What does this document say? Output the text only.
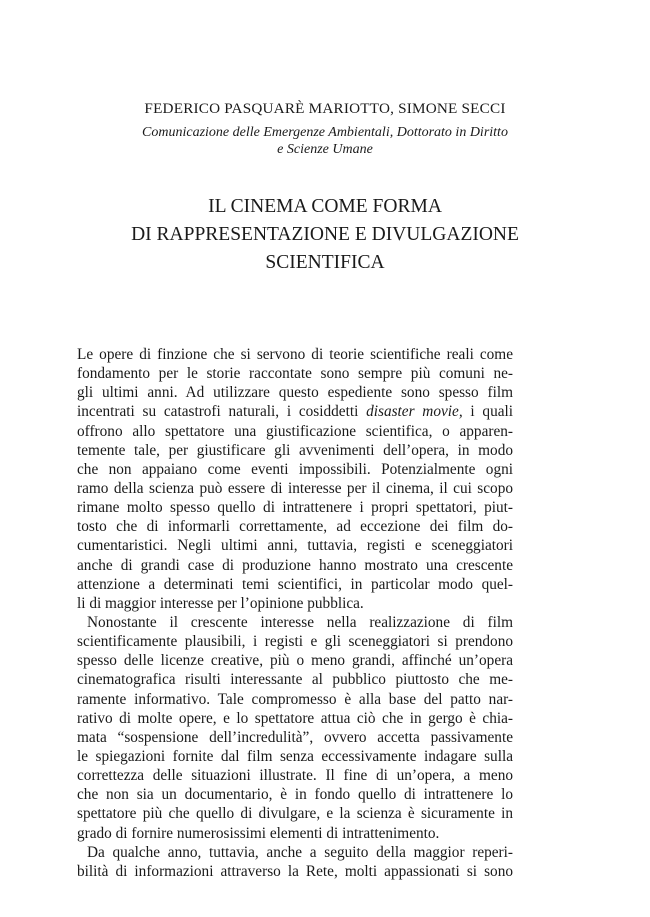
FEDERICO PASQUARÈ MARIOTTO, SIMONE SECCI
Comunicazione delle Emergenze Ambientali, Dottorato in Diritto
e Scienze Umane
IL CINEMA COME FORMA
DI RAPPRESENTAZIONE E DIVULGAZIONE
SCIENTIFICA
Le opere di finzione che si servono di teorie scientifiche reali come
fondamento per le storie raccontate sono sempre più comuni ne-
gli ultimi anni. Ad utilizzare questo espediente sono spesso film
incentrati su catastrofi naturali, i cosiddetti disaster movie, i quali
offrono allo spettatore una giustificazione scientifica, o apparen-
temente tale, per giustificare gli avvenimenti dell’opera, in modo
che non appaiano come eventi impossibili. Potenzialmente ogni
ramo della scienza può essere di interesse per il cinema, il cui scopo
rimane molto spesso quello di intrattenere i propri spettatori, piut-
tosto che di informarli correttamente, ad eccezione dei film do-
cumentaristici. Negli ultimi anni, tuttavia, registi e sceneggiatori
anche di grandi case di produzione hanno mostrato una crescente
attenzione a determinati temi scientifici, in particolar modo quel-
li di maggior interesse per l’opinione pubblica.
Nonostante il crescente interesse nella realizzazione di film
scientificamente plausibili, i registi e gli sceneggiatori si prendono
spesso delle licenze creative, più o meno grandi, affinché un’opera
cinematografica risulti interessante al pubblico piuttosto che me-
ramente informativo. Tale compromesso è alla base del patto nar-
rativo di molte opere, e lo spettatore attua ciò che in gergo è chia-
mata “sospensione dell’incredulità”, ovvero accetta passivamente
le spiegazioni fornite dal film senza eccessivamente indagare sulla
correttezza delle situazioni illustrate. Il fine di un’opera, a meno
che non sia un documentario, è in fondo quello di intrattenere lo
spettatore più che quello di divulgare, e la scienza è sicuramente in
grado di fornire numerosissimi elementi di intrattenimento.
Da qualche anno, tuttavia, anche a seguito della maggior reperi-
bilità di informazioni attraverso la Rete, molti appassionati si sono
